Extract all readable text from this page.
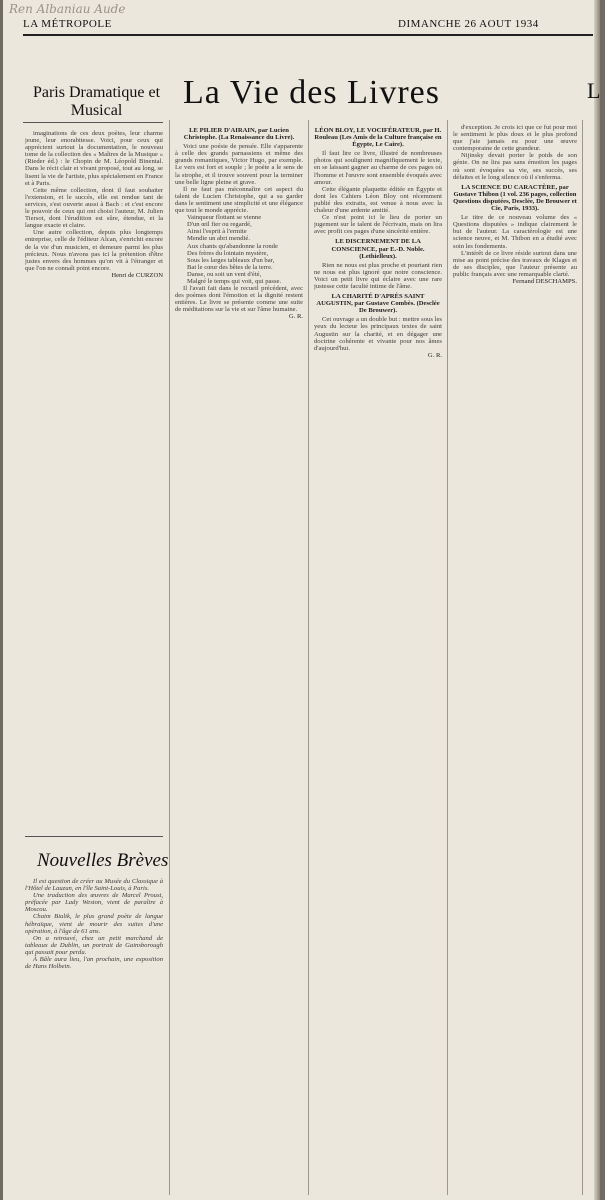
Ren Albaniau Aude
LA MÉTROPOLE	DIMANCHE 26 AOUT 1934
Paris Dramatique et Musical	La Vie des Livres	L

imaginations de ces deux poètes, leur charme jeune, leur enorabitesse. Voici, pour ceux qui apprécient surtout la documentation, le nouveau tome de la collection des « Maîtres de la Musique » (Rieder éd.) : le Chopin de M. Léopold Binental. Dans le récit clair et vivant proposé, tout au long, se lisent la vie de l'artiste, plus spécialement en France et à Paris.

Cette même collection, dont il faut souhaiter l'extension, et le succès, elle est rendue tant de services, s'est ouverte aussi à Bach : et c'est encore le pouvoir de ceux qui ont choisi l'auteur, M. Julien Tiersot, dont l'érudition est sûre, étendue, et la langue exacte et claire.

Une autre collection, depuis plus longtemps entreprise, celle de l'éditeur Alcan, s'enrichit encore de la vie d'un musicien, et demeure parmi les plus précieux. Nous n'avons pas ici la prétention d'être justes envers des hommes qu'on vit à l'étranger et que l'on ne connaît point encore.

Henri de CURZON

Nouvelles Brèves

Il est question de créer au Musée du Classique à l'Hôtel de Lauzun, en l'île Saint-Louis, à Paris.

Une traduction des œuvres de Marcel Proust, préfacée par Lady Weston, vient de paraître à Moscou.

Chaim Bialik, le plus grand poète de langue hébraïque, vient de mourir des suites d'une opération, à l'âge de 61 ans.

On a retrouvé, chez un petit marchand de tableaux de Dublin, un portrait de Gainsborough qui passait pour perdu.

À Bâle aura lieu, l'an prochain, une exposition de Hans Holbein.

LE PILIER D'AIRAIN, par Lucien Christophe. (La Renaissance du Livre).

Voici une poésie de pensée. Elle s'apparente à celle des grands parnassiens et même des grands romantiques, Victor Hugo, par exemple. Le vers est fort et souple ; le poète a le sens de la strophe, et il trouve souvent pour la terminer une belle ligne pleine et grave.

Il ne faut pas méconnaître cet aspect du talent de Lucien Christophe, qui a su garder dans le sentiment une simplicité et une élégance que tout le monde apprécie.

Vainqueur flottant se vienne

D'un œil fier ou regardé,

Ainsi l'esprit à l'ermite

Mendie un abri mendié.

Aux chants qu'abandonne la ronde

Des frères du lointain mystère,

Sous les larges tableaux d'un bar,

Bat le cœur des bêtes de la terre.

Danse, ou soit un vent d'été,

Malgré le temps qui voit, qui passe.

Il l'avait fait dans le recueil précédent, avec des poèmes dont l'émotion et la dignité restent entières. Le livre se présente comme une suite de méditations sur la vie et sur l'âme humaine.

G. R.

LÉON BLOY, LE VOCIFÉRATEUR, par H. Rouleau (Les Amis de la Culture française en Égypte, Le Caire).

Il faut lire ce livre, illustré de nombreuses photos qui soulignent magnifiquement le texte, en se laissant gagner au charme de ces pages où l'homme et l'œuvre sont ensemble évoqués avec amour.

Cette élégante plaquette éditée en Égypte et dont les Cahiers Léon Bloy ont récemment publié des extraits, est venue à nous avec la chaleur d'une ardente amitié.

Ce n'est point ici le lieu de porter un jugement sur le talent de l'écrivain, mais on lira avec profit ces pages d'une sincérité entière.

LE DISCERNEMENT DE LA CONSCIENCE, par E.-D. Noble. (Lethielleux).

Rien ne nous est plus proche et pourtant rien ne nous est plus ignoré que notre conscience. Voici un petit livre qui éclaire avec une rare justesse cette faculté intime de l'âme.

LA CHARITÉ D'APRÈS SAINT AUGUSTIN, par Gustave Combès. (Desclée De Brouwer).

Cet ouvrage a un double but : mettre sous les yeux du lecteur les principaux textes de saint Augustin sur la charité, et en dégager une doctrine cohérente et vivante pour nos âmes d'aujourd'hui.

G. R.

d'exception. Je crois ici que ce fut pour moi le sentiment le plus doux et le plus profond que j'aie jamais eu pour une œuvre contemporaine de cette grandeur.

Nijinsky devait porter le poids de son génie. On ne lira pas sans émotion les pages où sont évoquées sa vie, ses succès, ses défaites et le long silence où il s'enferma.

LA SCIENCE DU CARACTÈRE, par Gustave Thibon (1 vol. 236 pages, collection Questions disputées, Desclée, De Brouwer et Cie, Paris, 1933).

Le titre de ce nouveau volume des « Questions disputées » indique clairement le but de l'auteur. La caractérologie est une science neuve, et M. Thibon en a étudié avec soin les fondements.

L'intérêt de ce livre réside surtout dans une mise au point précise des travaux de Klages et de ses disciples, que l'auteur présente au public français avec une remarquable clarté.

Fernand DESCHAMPS.
